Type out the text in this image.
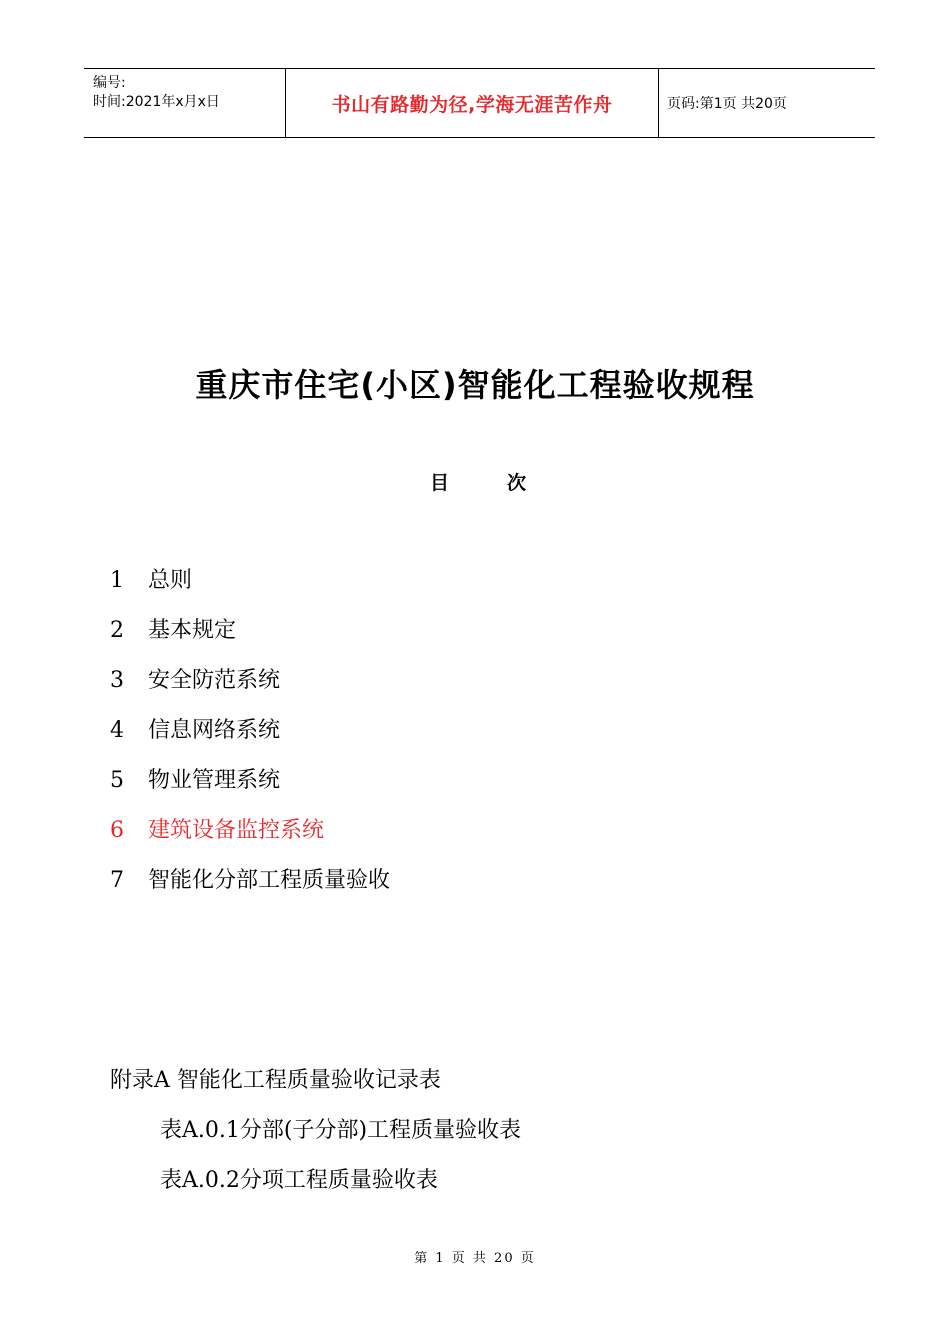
编号:
时间:2021年x月x日	书山有路勤为径,学海无涯苦作舟	页码:第1页 共20页
重庆市住宅(小区)智能化工程验收规程
目	次
1 总则
2 基本规定
3 安全防范系统
4 信息网络系统
5 物业管理系统
6 建筑设备监控系统
7 智能化分部工程质量验收
附录A 智能化工程质量验收记录表
表A.0.1分部(子分部)工程质量验收表
表A.0.2分项工程质量验收表
第 1 页 共 20 页
